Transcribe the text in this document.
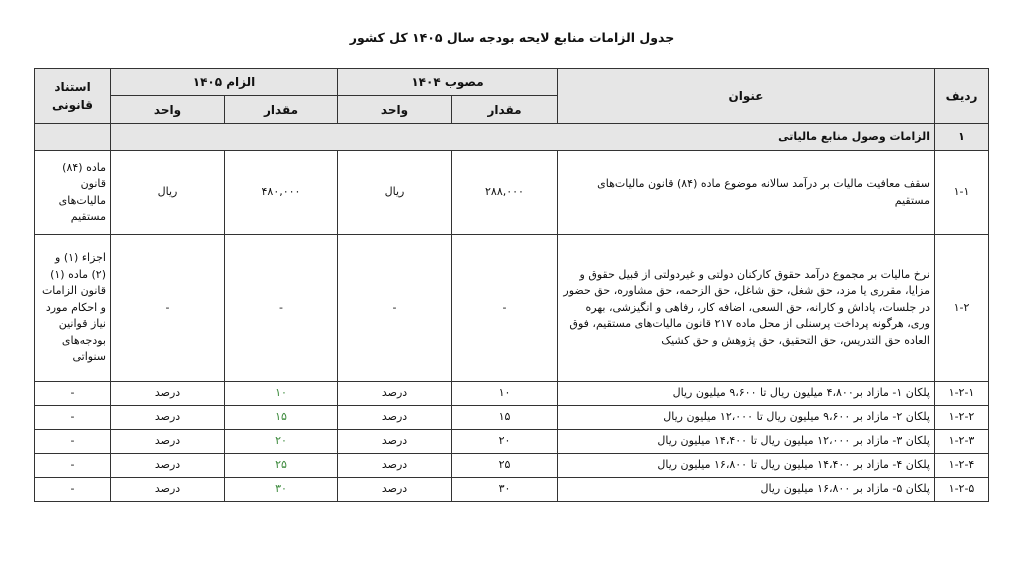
جدول الزامات منابع لایحه بودجه سال ۱۴۰۵ کل کشور
ردیف	عنوان	مصوب ۱۴۰۴		الزام ۱۴۰۵		استناد قانونی
		مقدار	واحد	مقدار	واحد	
۱	الزامات وصول منابع مالیاتی					
۱-۱	سقف معافیت مالیات بر درآمد سالانه موضوع ماده (۸۴) قانون مالیات‌های مستقیم	۲۸۸,۰۰۰	ریال	۴۸۰,۰۰۰	ریال	ماده (۸۴) قانون مالیات‌های مستقیم
۱-۲	نرخ مالیات بر مجموع درآمد حقوق کارکنان دولتی و غیردولتی از قبیل حقوق و مزایا، مقرری یا مزد، حق شغل، حق شاغل، حق الزحمه، حق مشاوره، حق حضور در جلسات، پاداش و کارانه، حق السعی، اضافه کار، رفاهی و انگیزشی، بهره وری، هرگونه پرداخت پرسنلی از محل ماده ۲۱۷ قانون مالیات‌های مستقیم، فوق العاده حق التدریس، حق التحقیق، حق پژوهش و حق کشیک	-	-	-	-	اجزاء (۱) و (۲) ماده (۱) قانون الزامات و احکام مورد نیاز قوانین بودجه‌های سنواتی
۱-۲-۱	پلکان ۱- مازاد بر۴،۸۰۰ میلیون ریال تا ۹،۶۰۰ میلیون ریال	۱۰	درصد	۱۰	درصد	-
۱-۲-۲	پلکان ۲- مازاد بر ۹،۶۰۰ میلیون ریال تا ۱۲،۰۰۰ میلیون ریال	۱۵	درصد	۱۵	درصد	-
۱-۲-۳	پلکان ۳- مازاد بر ۱۲،۰۰۰ میلیون ریال تا ۱۴،۴۰۰ میلیون ریال	۲۰	درصد	۲۰	درصد	-
۱-۲-۴	پلکان ۴- مازاد بر ۱۴،۴۰۰ میلیون ریال تا ۱۶،۸۰۰ میلیون ریال	۲۵	درصد	۲۵	درصد	-
۱-۲-۵	پلکان ۵- مازاد بر ۱۶،۸۰۰ میلیون ریال	۳۰	درصد	۳۰	درصد	-
